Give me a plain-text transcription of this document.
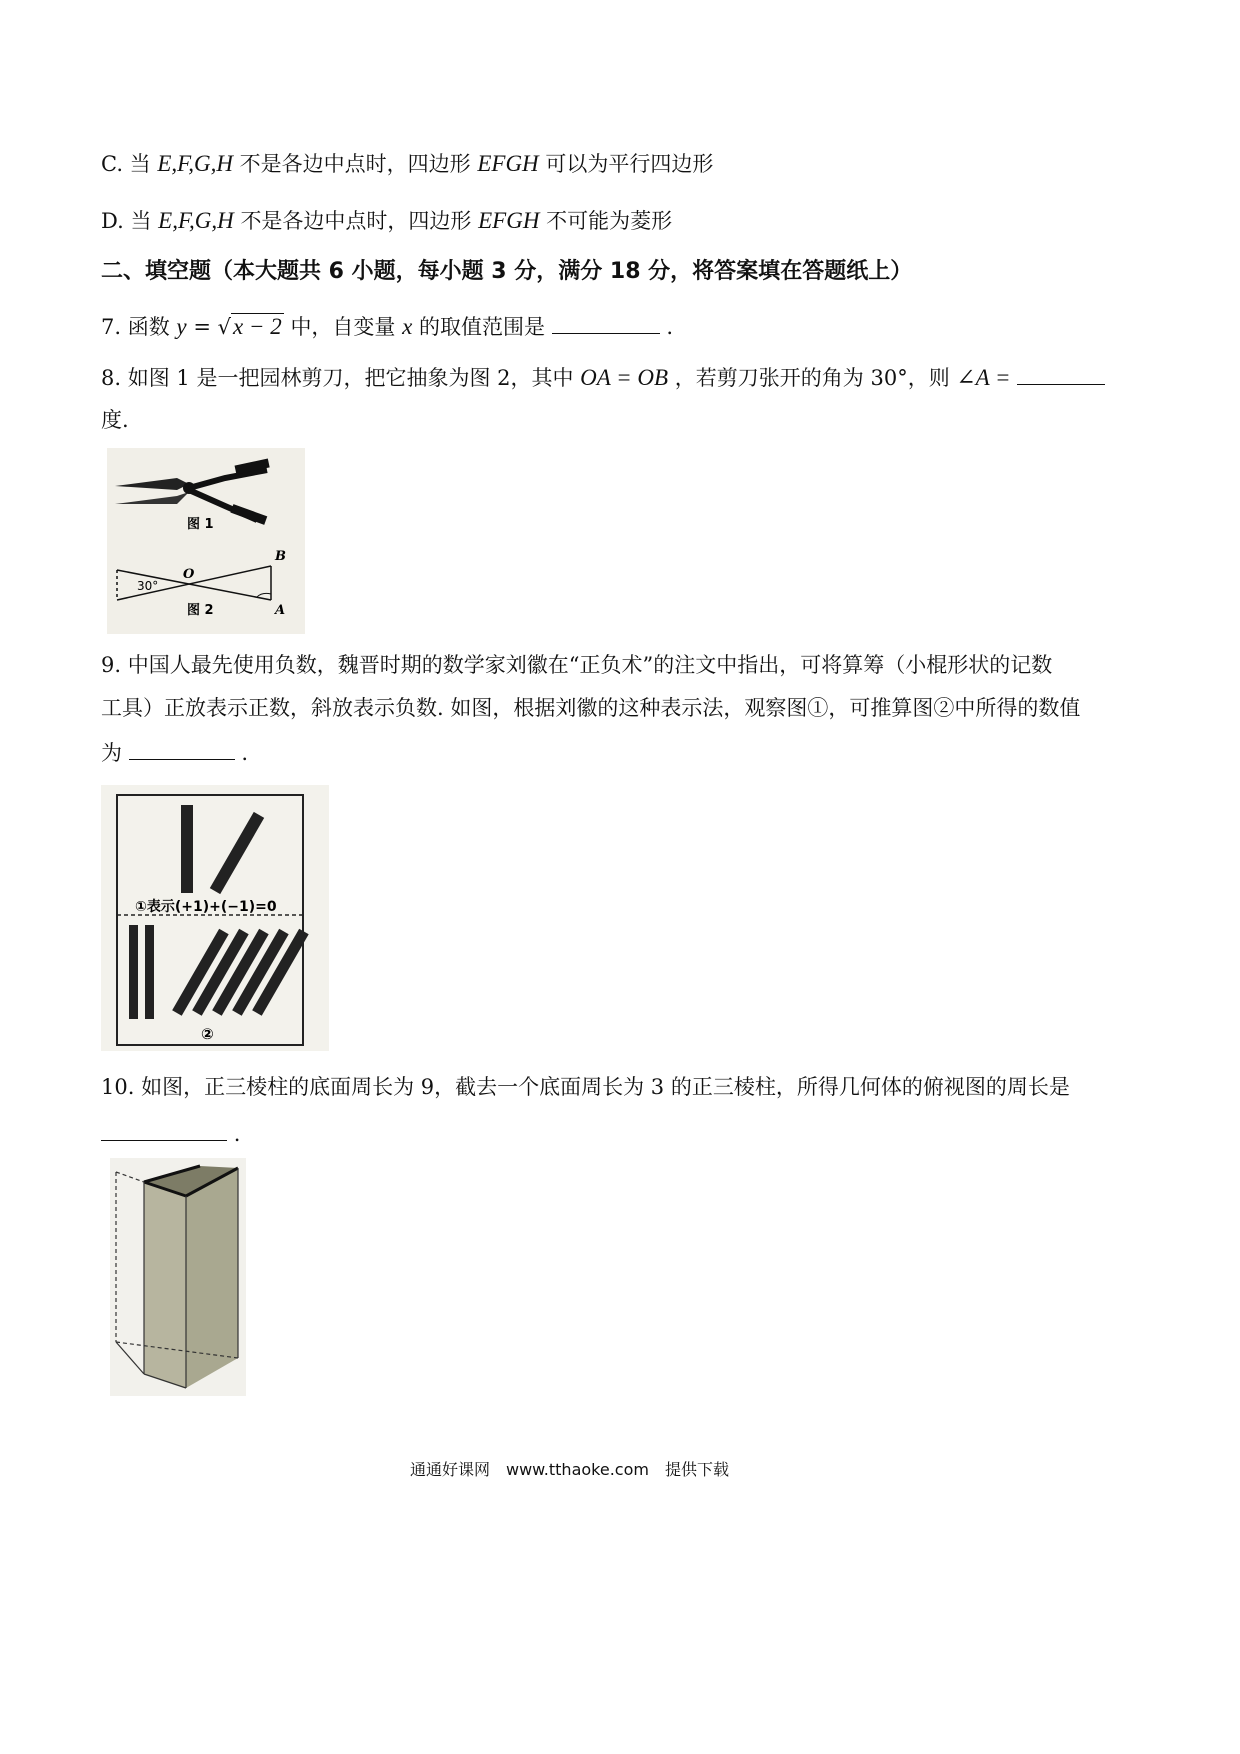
C. 当 E,F,G,H 不是各边中点时，四边形 EFGH 可以为平行四边形
D. 当 E,F,G,H 不是各边中点时，四边形 EFGH 不可能为菱形
二、填空题（本大题共 6 小题，每小题 3 分，满分 18 分，将答案填在答题纸上）
7. 函数 y = √x − 2 中，自变量 x 的取值范围是	.
8. 如图 1 是一把园林剪刀，把它抽象为图 2，其中 OA = OB ，若剪刀张开的角为 30°，则 ∠A =
度.
图 1
30°
O
B
A
图 2
9. 中国人最先使用负数，魏晋时期的数学家刘徽在“正负术”的注文中指出，可将算筹（小棍形状的记数
工具）正放表示正数，斜放表示负数. 如图，根据刘徽的这种表示法，观察图①，可推算图②中所得的数值
为	.
①表示(+1)+(−1)=0
②
10. 如图，正三棱柱的底面周长为 9，截去一个底面周长为 3 的正三棱柱，所得几何体的俯视图的周长是
.
通通好课网　www.tthaoke.com　提供下载
